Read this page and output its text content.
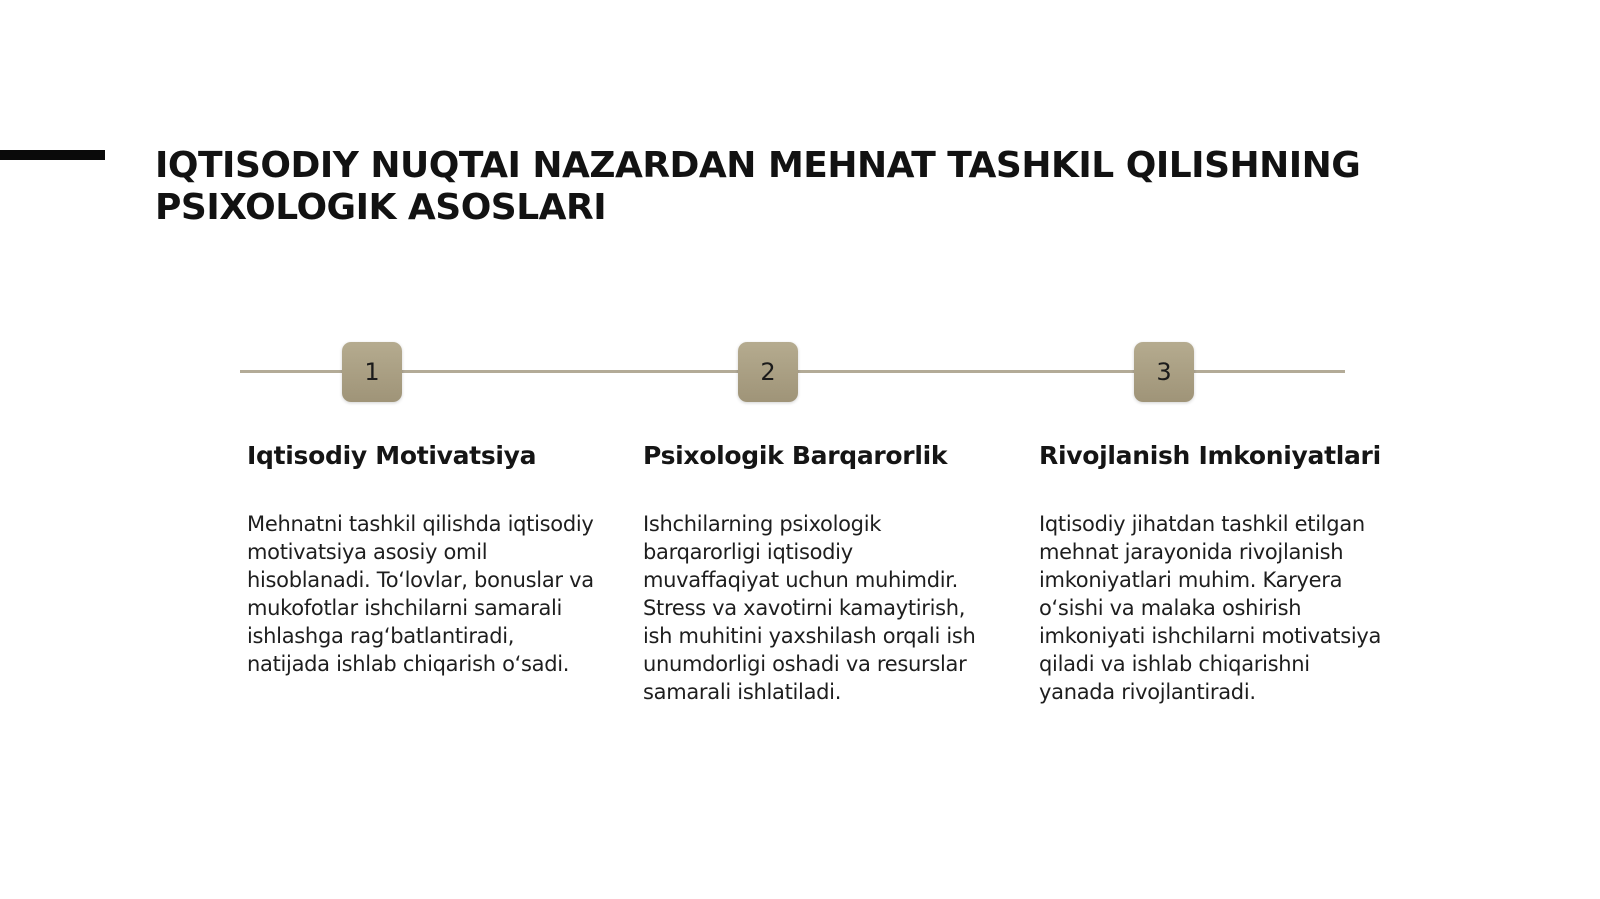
IQTISODIY NUQTAI NAZARDAN MEHNAT TASHKIL QILISHNING PSIXOLOGIK ASOSLARI
1	2	3
Iqtisodiy Motivatsiya

Mehnatni tashkil qilishda iqtisodiy motivatsiya asosiy omil hisoblanadi. To‘lovlar, bonuslar va mukofotlar ishchilarni samarali ishlashga rag‘batlantiradi, natijada ishlab chiqarish o‘sadi.

Psixologik Barqarorlik

Ishchilarning psixologik barqarorligi iqtisodiy muvaffaqiyat uchun muhimdir. Stress va xavotirni kamaytirish, ish muhitini yaxshilash orqali ish unumdorligi oshadi va resurslar samarali ishlatiladi.

Rivojlanish Imkoniyatlari

Iqtisodiy jihatdan tashkil etilgan mehnat jarayonida rivojlanish imkoniyatlari muhim. Karyera o‘sishi va malaka oshirish imkoniyati ishchilarni motivatsiya qiladi va ishlab chiqarishni yanada rivojlantiradi.
